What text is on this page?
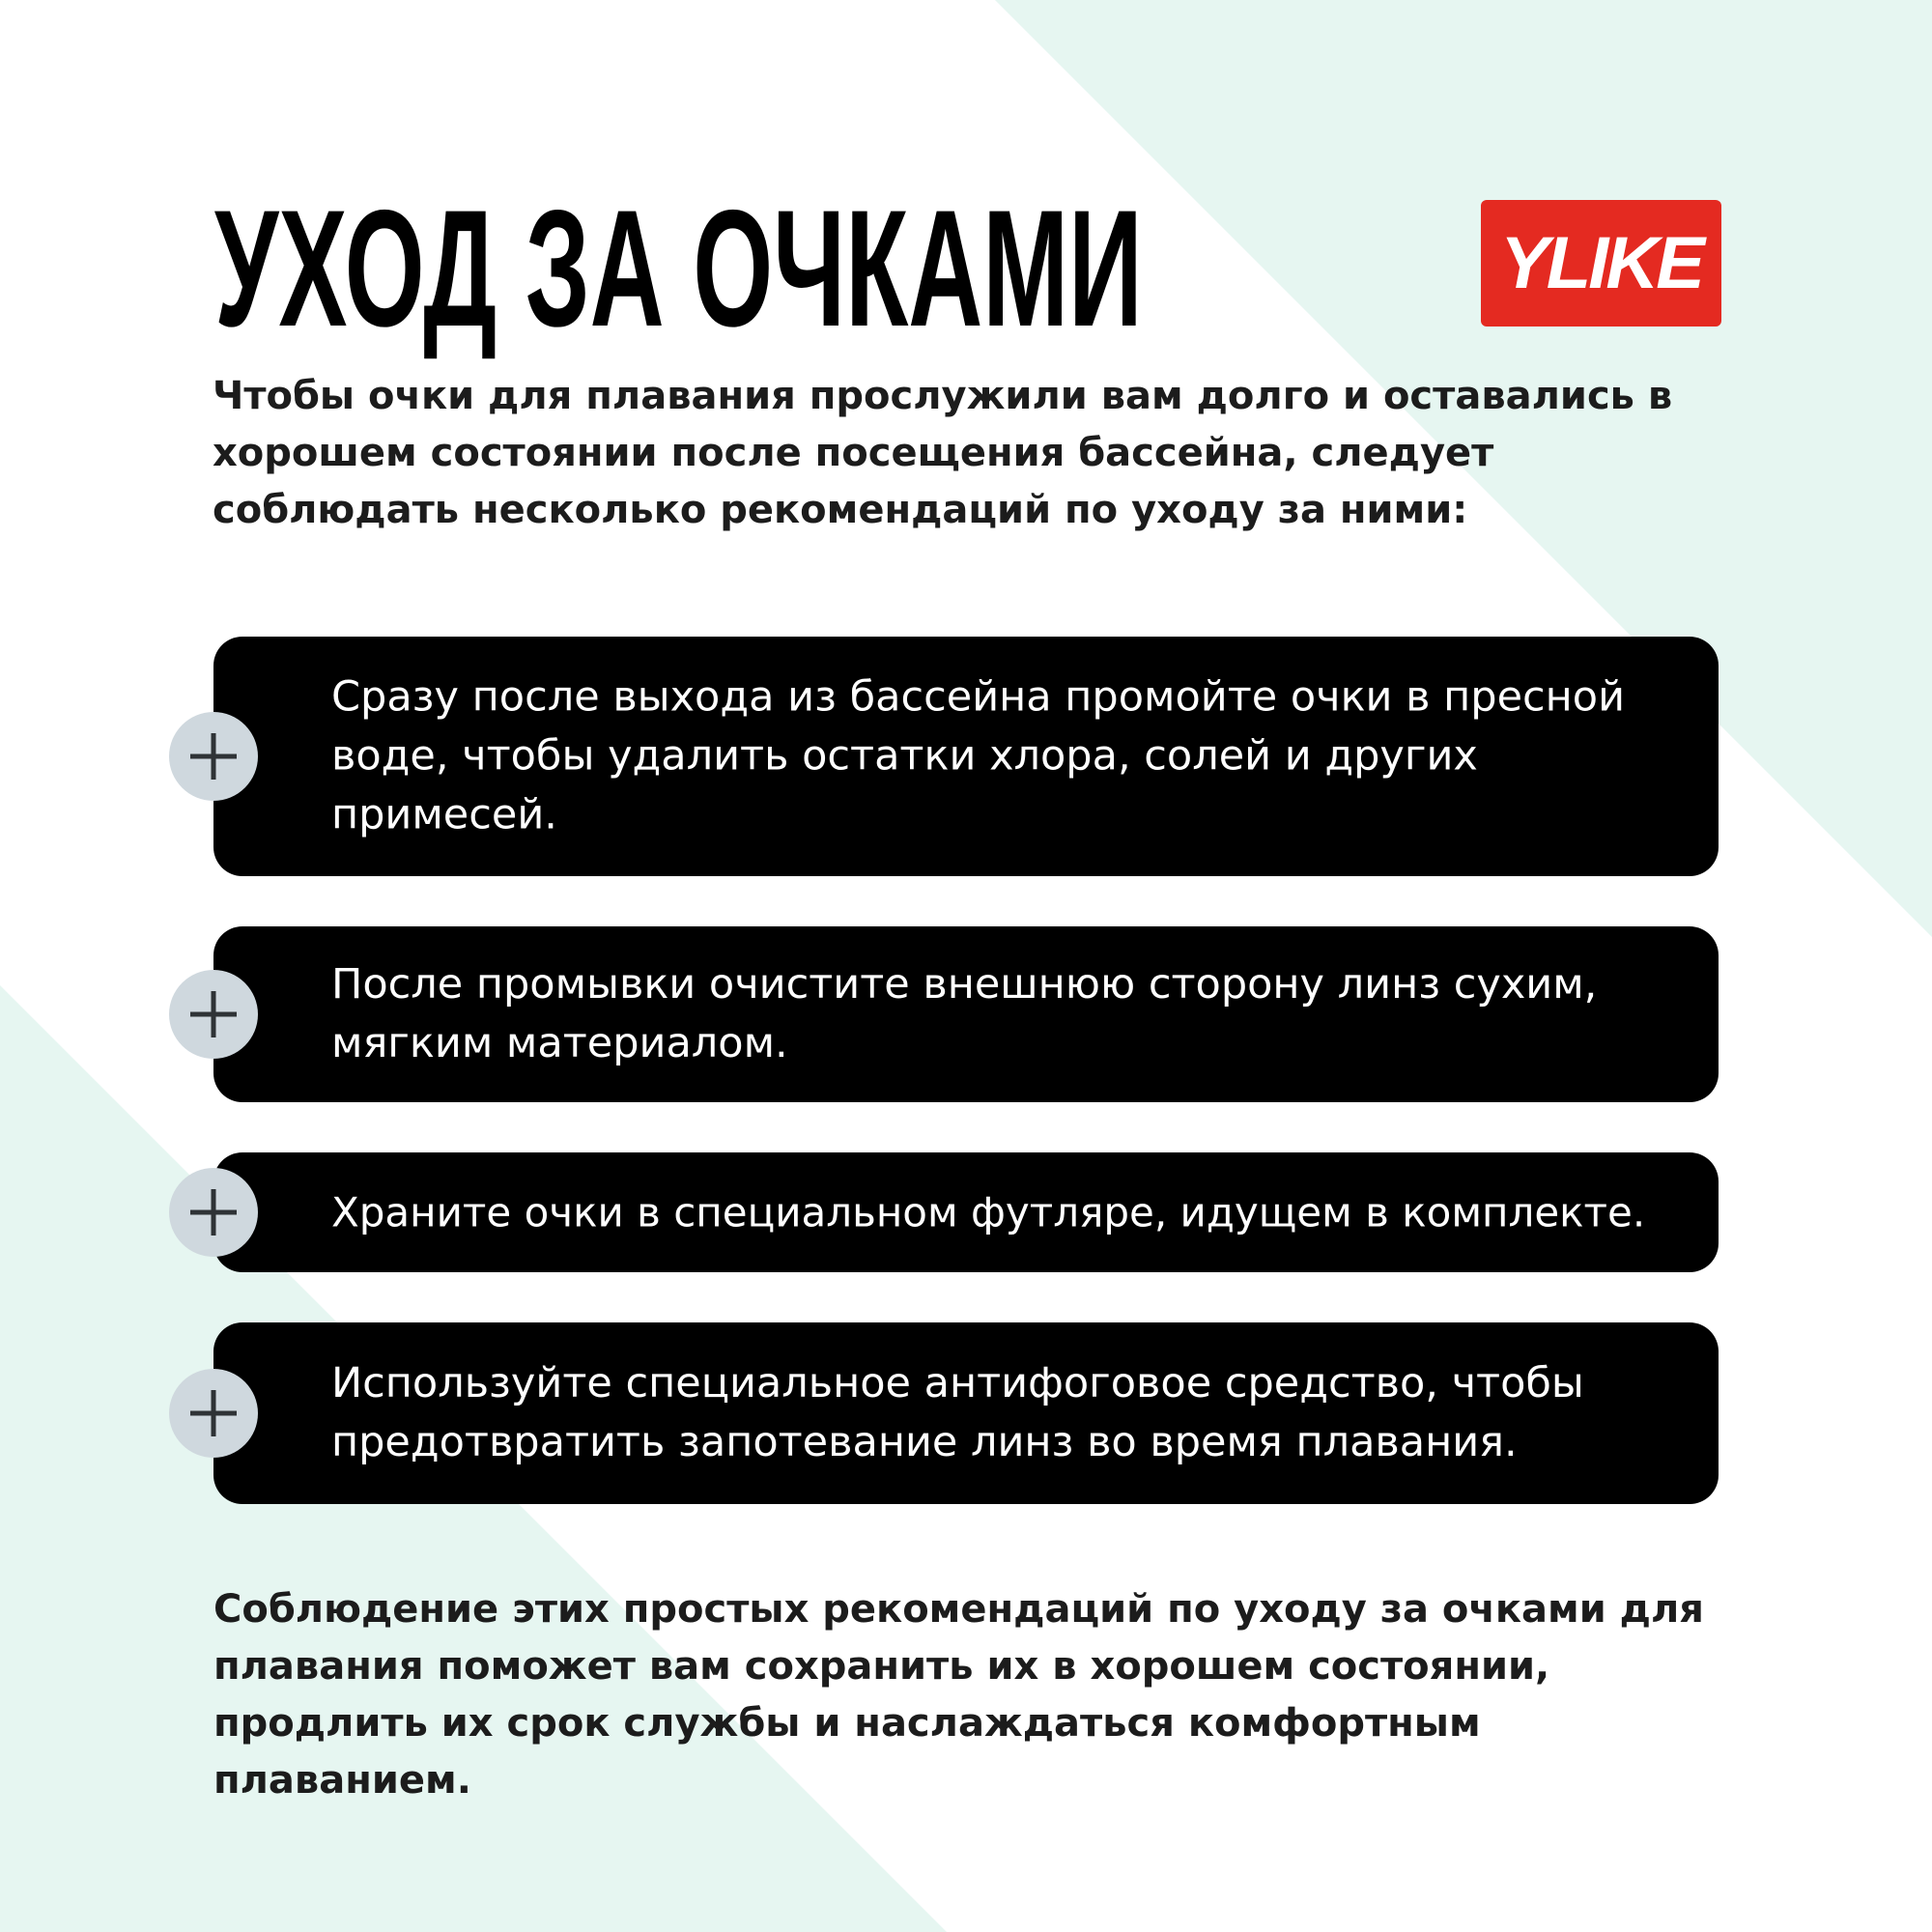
УХОД ЗА ОЧКАМИ	YLIKE
Чтобы очки для плавания прослужили вам долго и оставались в хорошем состоянии после посещения бассейна, следует соблюдать несколько рекомендаций по уходу за ними:

Сразу после выхода из бассейна промойте очки в пресной воде, чтобы удалить остатки хлора, солей и других примесей.

После промывки очистите внешнюю сторону линз сухим, мягким материалом.

Храните очки в специальном футляре, идущем в комплекте.

Используйте специальное антифоговое средство, чтобы предотвратить запотевание линз во время плавания.

Соблюдение этих простых рекомендаций по уходу за очками для плавания поможет вам сохранить их в хорошем состоянии, продлить их срок службы и наслаждаться комфортным плаванием.
